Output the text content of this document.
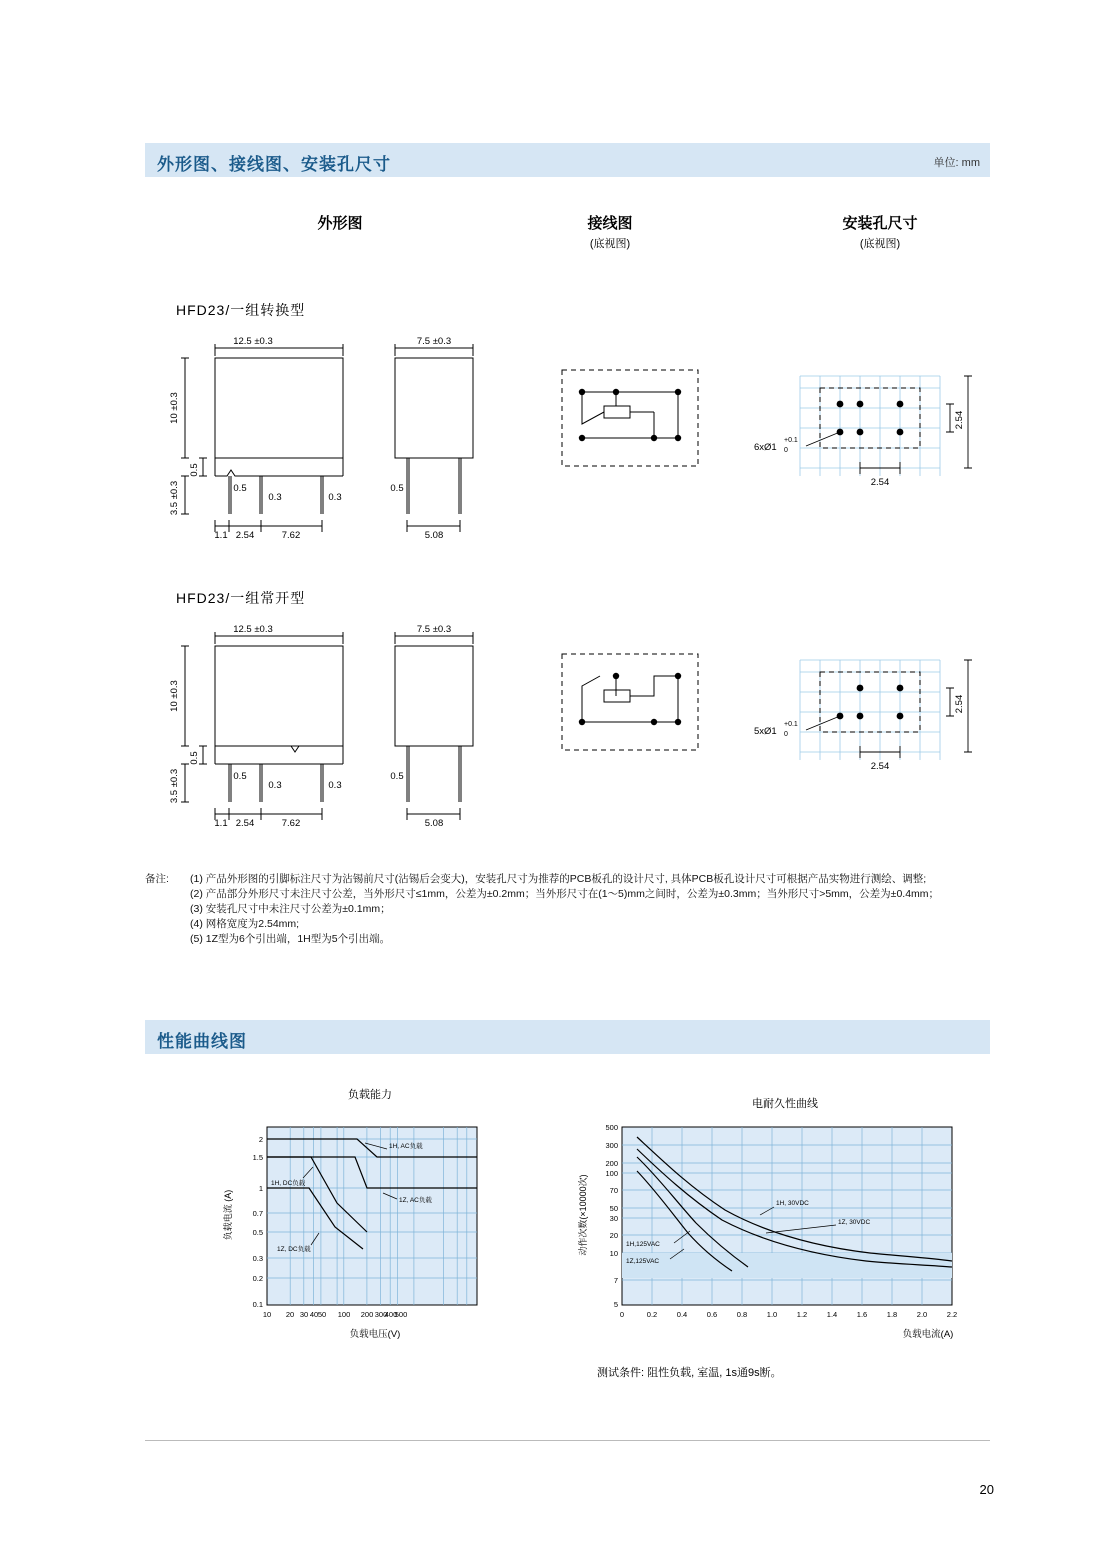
外形图、接线图、安装孔尺寸	单位: mm
外形图	接线图
(底视图)
安装孔尺寸
(底视图)
HFD23/一组转换型
12.5 ±0.3	7.5 ±0.3
10 ±0.3
3.5 ±0.3
0.5
0.5
0.3	0.3
0.5
1.1 2.54	7.62	5.08
6xØ1
+0.1
0
2.54
2.54
HFD23/一组常开型
12.5 ±0.3	7.5 ±0.3
10 ±0.3
3.5 ±0.3
0.5
0.5
0.3	0.3
0.5
1.1 2.54	7.62	5.08
5xØ1
+0.1
0
2.54
2.54
备注: (1) 产品外形图的引脚标注尺寸为沾锡前尺寸(沾锡后会变大)，安装孔尺寸为推荐的PCB板孔的设计尺寸, 具体PCB板孔设计尺寸可根据产品实物进行测绘、调整;
(2) 产品部分外形尺寸未注尺寸公差，当外形尺寸≤1mm，公差为±0.2mm；当外形尺寸在(1～5)mm之间时，公差为±0.3mm；当外形尺寸>5mm，公差为±0.4mm；
(3) 安装孔尺寸中未注尺寸公差为±0.1mm；
(4) 网格宽度为2.54mm;
(5) 1Z型为6个引出端，1H型为5个引出端。
性能曲线图
负载能力
电耐久性曲线
1H, AC负载
1H, DC负载
1Z, AC负载
1Z, DC负载
0.1
0.2
0.3
0.5
0.7
1
1.5
2
10 20 30 40 50 100 200 300
400
500
负载电流 (A)
负载电压(V)
1H, 30VDC
1Z, 30VDC
1H,125VAC
1Z,125VAC
500
300
200
100
70
50
30
20
10
7
5
0	0.2	0.4	0.6	0.8	1.0	1.2	1.4	1.6	1.8	2.0	2.2
动作次数(×10000次)
负载电流(A)
测试条件: 阻性负载, 室温, 1s通9s断。
20
